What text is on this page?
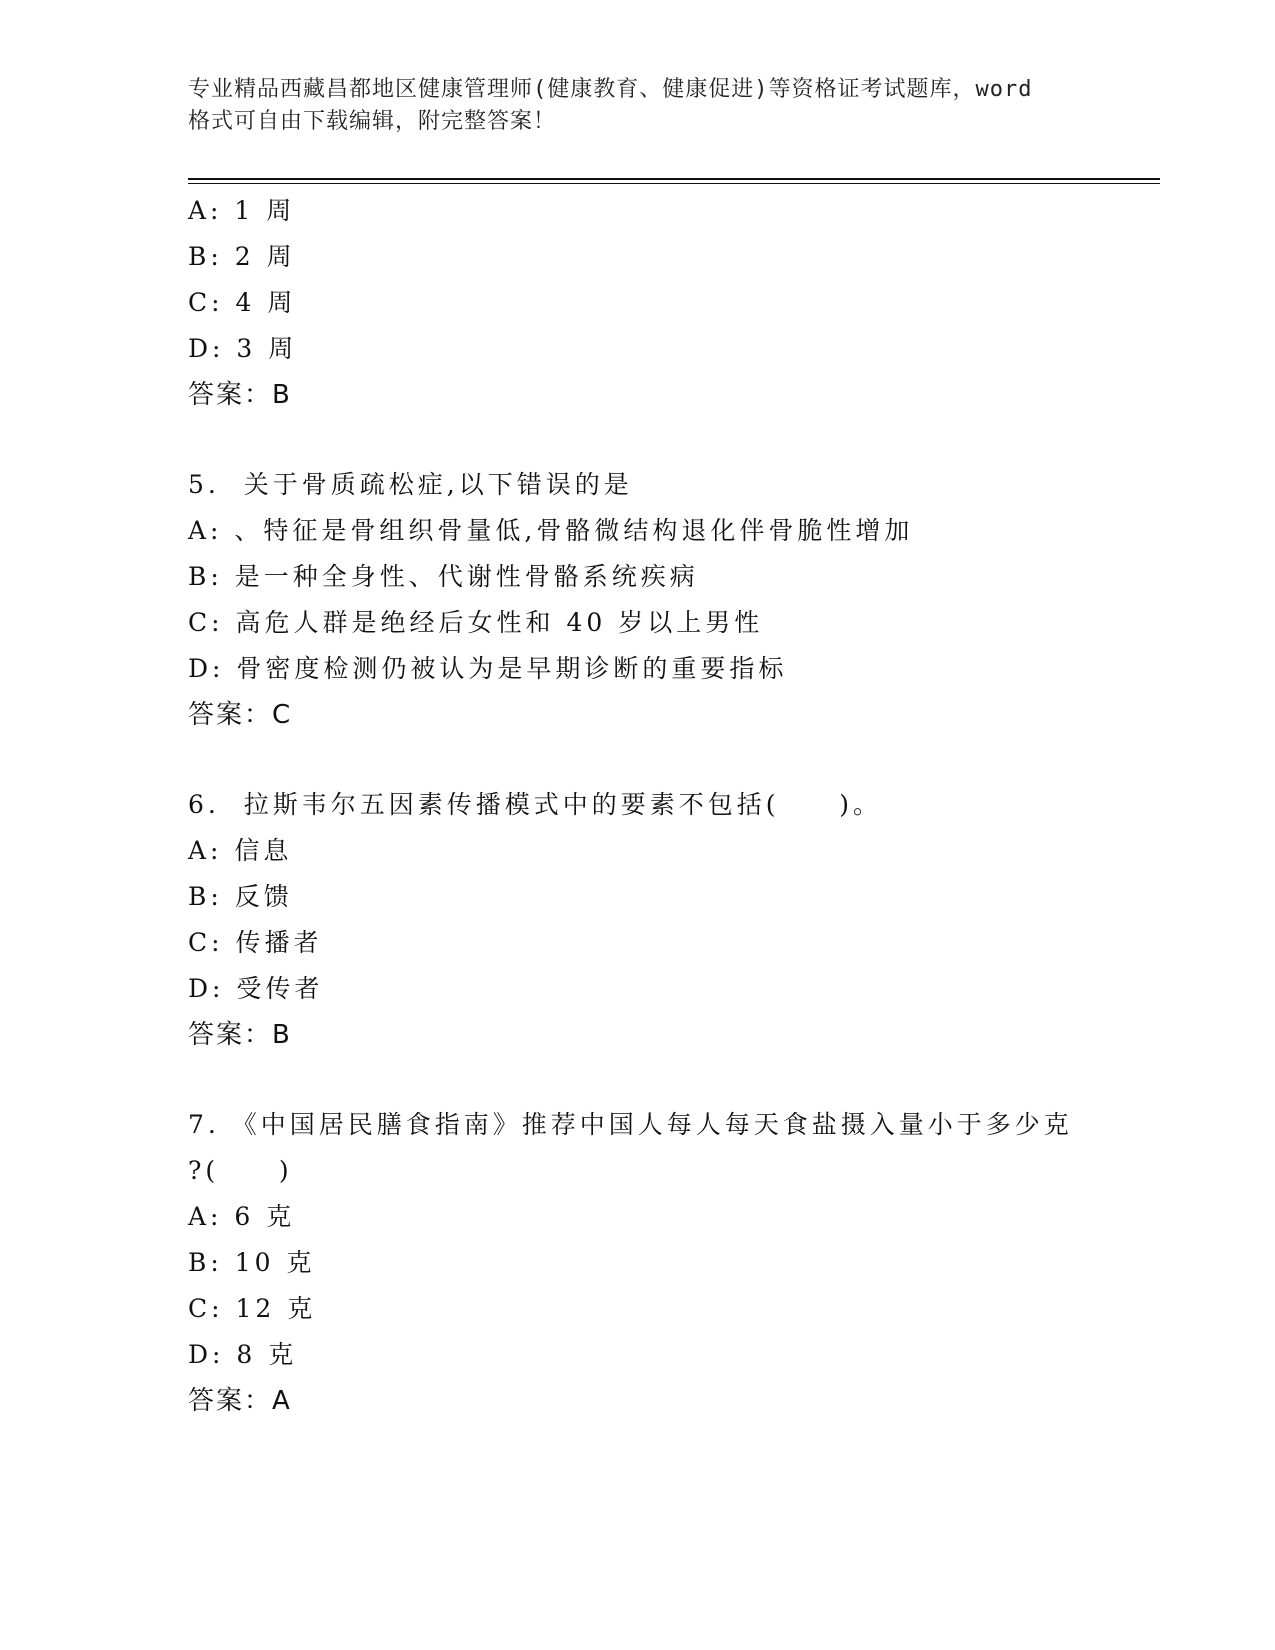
专业精品西藏昌都地区健康管理师(健康教育、健康促进)等资格证考试题库，word
格式可自由下载编辑，附完整答案！
A: 1 周
B: 2 周
C: 4 周
D: 3 周
答案：B
5.  关于骨质疏松症,以下错误的是
A: 、特征是骨组织骨量低,骨骼微结构退化伴骨脆性增加
B: 是一种全身性、代谢性骨骼系统疾病
C: 高危人群是绝经后女性和 40 岁以上男性
D: 骨密度检测仍被认为是早期诊断的重要指标
答案：C
6.  拉斯韦尔五因素传播模式中的要素不包括(     )。
A: 信息
B: 反馈
C: 传播者
D: 受传者
答案：B
7. 《中国居民膳食指南》推荐中国人每人每天食盐摄入量小于多少克
?(     )
A: 6 克
B: 10 克
C: 12 克
D: 8 克
答案：A
